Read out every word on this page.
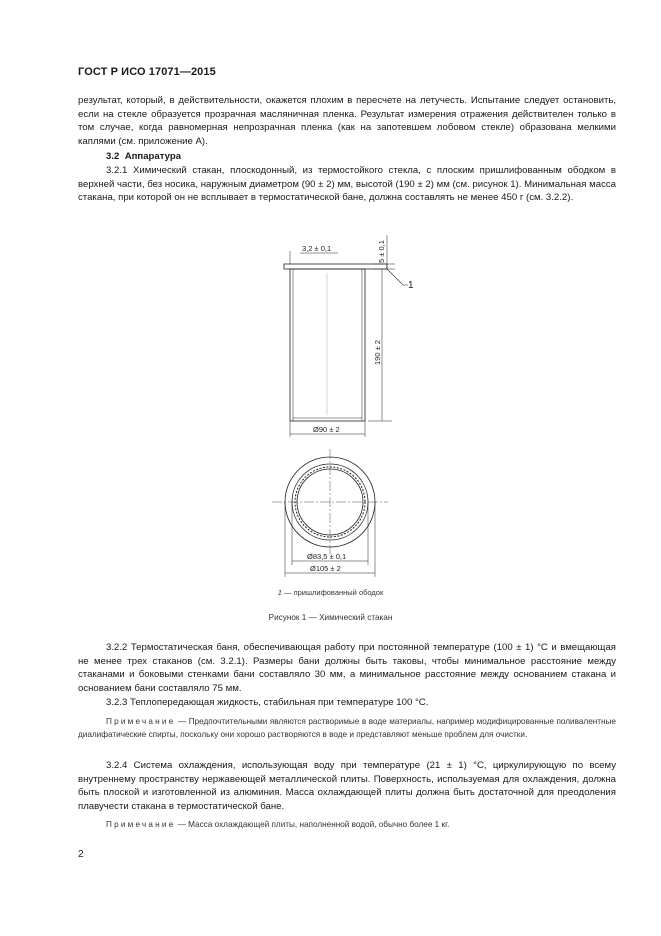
ГОСТ Р ИСО 17071—2015

результат, который, в действительности, окажется плохим в пересчете на летучесть. Испытание следует остановить, если на стекле образуется прозрачная масляничная пленка. Результат измерения отражения действителен только в том случае, когда равномерная непрозрачная пленка (как на запотевшем лобовом стекле) образована мелкими каплями (см. приложение А).

3.2 Аппаратура

3.2.1 Химический стакан, плоскодонный, из термостойкого стекла, с плоским пришлифованным ободком в верхней части, без носика, наружным диаметром (90 ± 2) мм, высотой (190 ± 2) мм (см. рисунок 1). Минимальная масса стакана, при которой он не всплывает в термостатической бане, должна составлять не менее 450 г (см. 3.2.2).

3,2 ± 0,1	5 ± 0,1
190 ± 2
1
Ø90 ± 2
Ø83,5 ± 0,1
Ø105 ± 2
1 — пришлифованный ободок
Рисунок 1 — Химический стакан

3.2.2 Термостатическая баня, обеспечивающая работу при постоянной температуре (100 ± 1) °С и вмещающая не менее трех стаканов (см. 3.2.1). Размеры бани должны быть таковы, чтобы минимальное расстояние между стаканами и боковыми стенками бани составляло 30 мм, а минимальное расстояние между основанием стакана и основанием бани составляло 75 мм.

3.2.3 Теплопередающая жидкость, стабильная при температуре 100 °С.

Примечание — Предпочтительными являются растворимые в воде материалы, например модифицированные поливалентные диалифатические спирты, поскольку они хорошо растворяются в воде и представляют меньше проблем для очистки.

3.2.4 Система охлаждения, использующая воду при температуре (21 ± 1) °С, циркулирующую по всему внутреннему пространству нержавеющей металлической плиты. Поверхность, используемая для охлаждения, должна быть плоской и изготовленной из алюминия. Масса охлаждающей плиты должна быть достаточной для преодоления плавучести стакана в термостатической бане.

Примечание — Масса охлаждающей плиты, наполненной водой, обычно более 1 кг.

2
